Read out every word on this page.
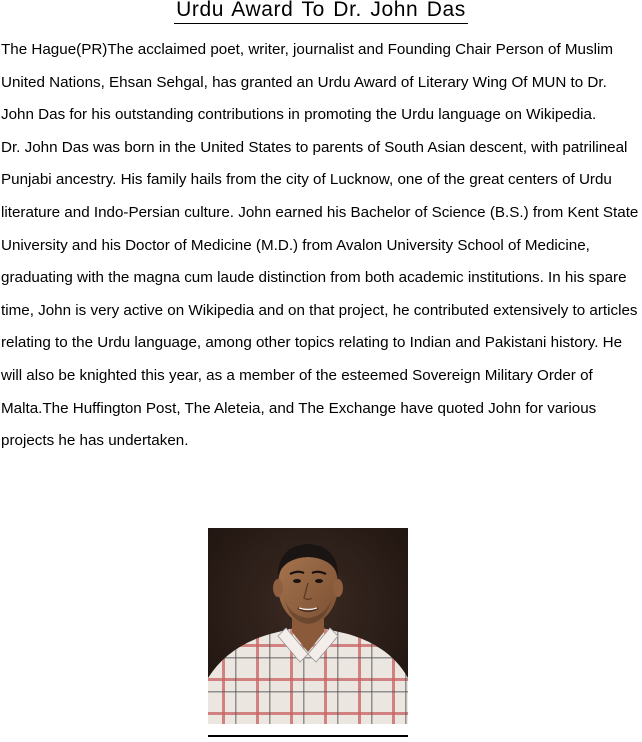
Urdu Award To Dr. John Das

The Hague(PR)The acclaimed poet, writer, journalist and Founding Chair Person of Muslim United Nations, Ehsan Sehgal, has granted an Urdu Award of Literary Wing Of MUN to Dr. John Das for his outstanding contributions in promoting the Urdu language on Wikipedia.

Dr. John Das was born in the United States to parents of South Asian descent, with patrilineal Punjabi ancestry. His family hails from the city of Lucknow, one of the great centers of Urdu literature and Indo-Persian culture. John earned his Bachelor of Science (B.S.) from Kent State University and his Doctor of Medicine (M.D.) from Avalon University School of Medicine, graduating with the magna cum laude distinction from both academic institutions. In his spare time, John is very active on Wikipedia and on that project, he contributed extensively to articles relating to the Urdu language, among other topics relating to Indian and Pakistani history. He will also be knighted this year, as a member of the esteemed Sovereign Military Order of Malta.The Huffington Post, The Aleteia, and The Exchange have quoted John for various projects he has undertaken.
